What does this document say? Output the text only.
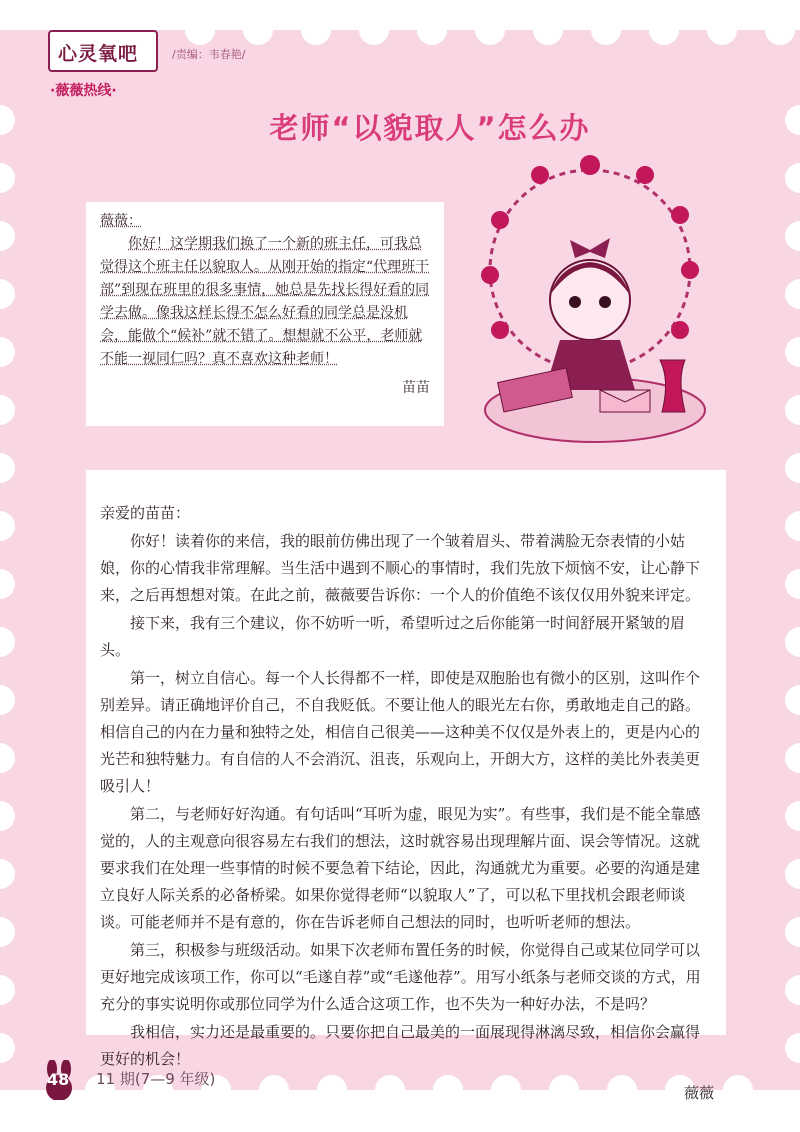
心灵氧吧	/责编：韦春艳/
·薇薇热线·
老师“以貌取人”怎么办

薇薇：

你好！这学期我们换了一个新的班主任，可我总觉得这个班主任以貌取人。从刚开始的指定“代理班干部”到现在班里的很多事情，她总是先找长得好看的同学去做。像我这样长得不怎么好看的同学总是没机会，能做个“候补”就不错了。想想就不公平，老师就不能一视同仁吗？真不喜欢这种老师！

苗苗

亲爱的苗苗：

你好！读着你的来信，我的眼前仿佛出现了一个皱着眉头、带着满脸无奈表情的小姑娘，你的心情我非常理解。当生活中遇到不顺心的事情时，我们先放下烦恼不安，让心静下来，之后再想想对策。在此之前，薇薇要告诉你：一个人的价值绝不该仅仅用外貌来评定。

接下来，我有三个建议，你不妨听一听，希望听过之后你能第一时间舒展开紧皱的眉头。

第一，树立自信心。每一个人长得都不一样，即使是双胞胎也有微小的区别，这叫作个别差异。请正确地评价自己，不自我贬低。不要让他人的眼光左右你，勇敢地走自己的路。相信自己的内在力量和独特之处，相信自己很美——这种美不仅仅是外表上的，更是内心的光芒和独特魅力。有自信的人不会消沉、沮丧，乐观向上，开朗大方，这样的美比外表美更吸引人！

第二，与老师好好沟通。有句话叫“耳听为虚，眼见为实”。有些事，我们是不能全靠感觉的，人的主观意向很容易左右我们的想法，这时就容易出现理解片面、误会等情况。这就要求我们在处理一些事情的时候不要急着下结论，因此，沟通就尤为重要。必要的沟通是建立良好人际关系的必备桥梁。如果你觉得老师“以貌取人”了，可以私下里找机会跟老师谈谈。可能老师并不是有意的，你在告诉老师自己想法的同时，也听听老师的想法。

第三，积极参与班级活动。如果下次老师布置任务的时候，你觉得自己或某位同学可以更好地完成该项工作，你可以“毛遂自荐”或“毛遂他荐”。用写小纸条与老师交谈的方式，用充分的事实说明你或那位同学为什么适合这项工作，也不失为一种好办法，不是吗？

我相信，实力还是最重要的。只要你把自己最美的一面展现得淋漓尽致，相信你会赢得更好的机会！

薇薇

48 11 期(7—9 年级)
